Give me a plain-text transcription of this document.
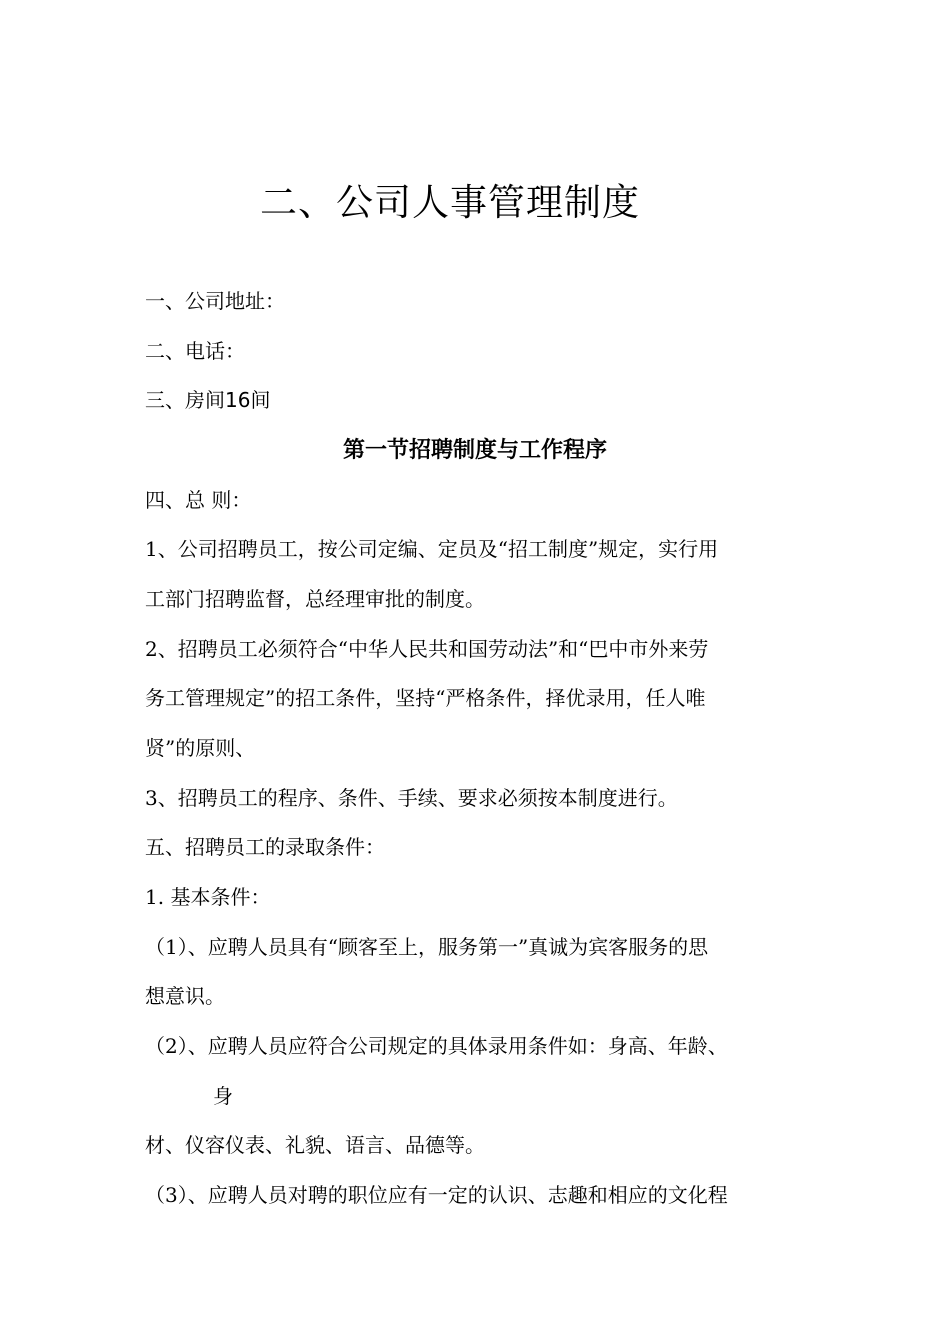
二、公司人事管理制度
一、公司地址：
二、电话：
三、房间16间
第一节招聘制度与工作程序
四、总 则：
1、公司招聘员工，按公司定编、定员及“招工制度”规定，实行用
工部门招聘监督，总经理审批的制度。
2、招聘员工必须符合“中华人民共和国劳动法”和“巴中市外来劳
务工管理规定”的招工条件，坚持“严格条件，择优录用，任人唯
贤”的原则、
3、招聘员工的程序、条件、手续、要求必须按本制度进行。
五、招聘员工的录取条件：
1. 基本条件：
（1）、应聘人员具有“顾客至上，服务第一”真诚为宾客服务的思
想意识。
（2）、应聘人员应符合公司规定的具体录用条件如：身高、年龄、
身
材、仪容仪表、礼貌、语言、品德等。
（3）、应聘人员对聘的职位应有一定的认识、志趣和相应的文化程
